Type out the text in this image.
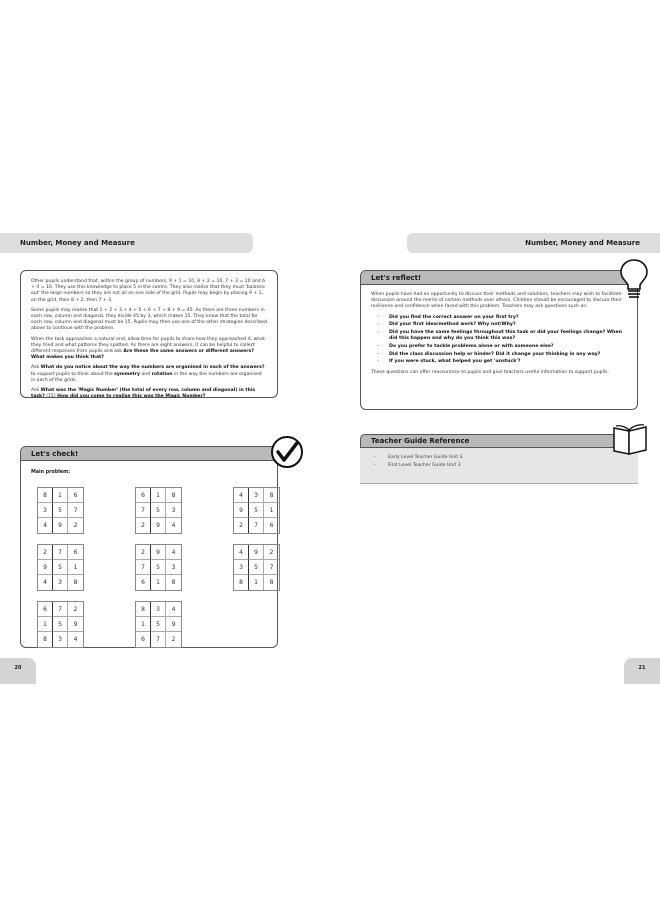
Number, Money and Measure

Other pupils understand that, within the group of numbers, 9 + 1 = 10, 8 + 2 = 10, 7 + 3 = 10 and 6 + 4 = 10. They use this knowledge to place 5 in the centre. They also realise that they must 'balance out' the large numbers so they are not all on one side of the grid. Pupils may begin by placing 9 + 1, on the grid, then 8 + 2, then 7 + 3.

Some pupils may realise that 1 + 2 + 3 + 4 + 5 + 6 + 7 + 8 + 9 = 45. As there are three numbers in each row, column and diagonal, they divide 45 by 3, which makes 15. They know that the total for each row, column and diagonal must be 15. Pupils may then use one of the other strategies described above to continue with the problem.

When the task approaches a natural end, allow time for pupils to share how they approached it, what they tried and what patterns they spotted. As there are eight answers, it can be helpful to collect different responses from pupils and ask Are these the same answers or different answers? What makes you think that?

Ask What do you notice about the way the numbers are organised in each of the answers? to support pupils to think about the symmetry and rotation in the way the numbers are organised in each of the grids.

Ask What was the 'Magic Number' (the total of every row, column and diagonal) in this task? (15) How did you come to realise this was the Magic Number?

Let's check!
Main problem:
8	1	6
3	5	7
4	9	2
6	1	8
7	5	3
2	9	4
4	3	8
9	5	1
2	7	6
2	7	6
9	5	1
4	3	8
2	9	4
7	5	3
6	1	8
4	9	2
3	5	7
8	1	8
6	7	2
1	5	9
8	3	4
8	3	4
1	5	9
6	7	2
20
Number, Money and Measure
Let's reflect!

When pupils have had an opportunity to discuss their methods and solutions, teachers may wish to facilitate discussion around the merits of certain methods over others. Children should be encouraged to discuss their resilience and confidence when faced with this problem. Teachers may ask questions such as:

- Did you find the correct answer on your first try?
- Did your first idea/method work? Why not/Why?
- Did you have the same feelings throughout this task or did your feelings change? When did this happen and why do you think this was?
- Do you prefer to tackle problems alone or with someone else?
- Did the class discussion help or hinder? Did it change your thinking in any way?
- If you were stuck, what helped you get 'unstuck'?

These questions can offer reassurance to pupils and give teachers useful information to support pupils.

Teacher Guide Reference
- Early Level Teacher Guide Unit 3
- First Level Teacher Guide Unit 3
21
